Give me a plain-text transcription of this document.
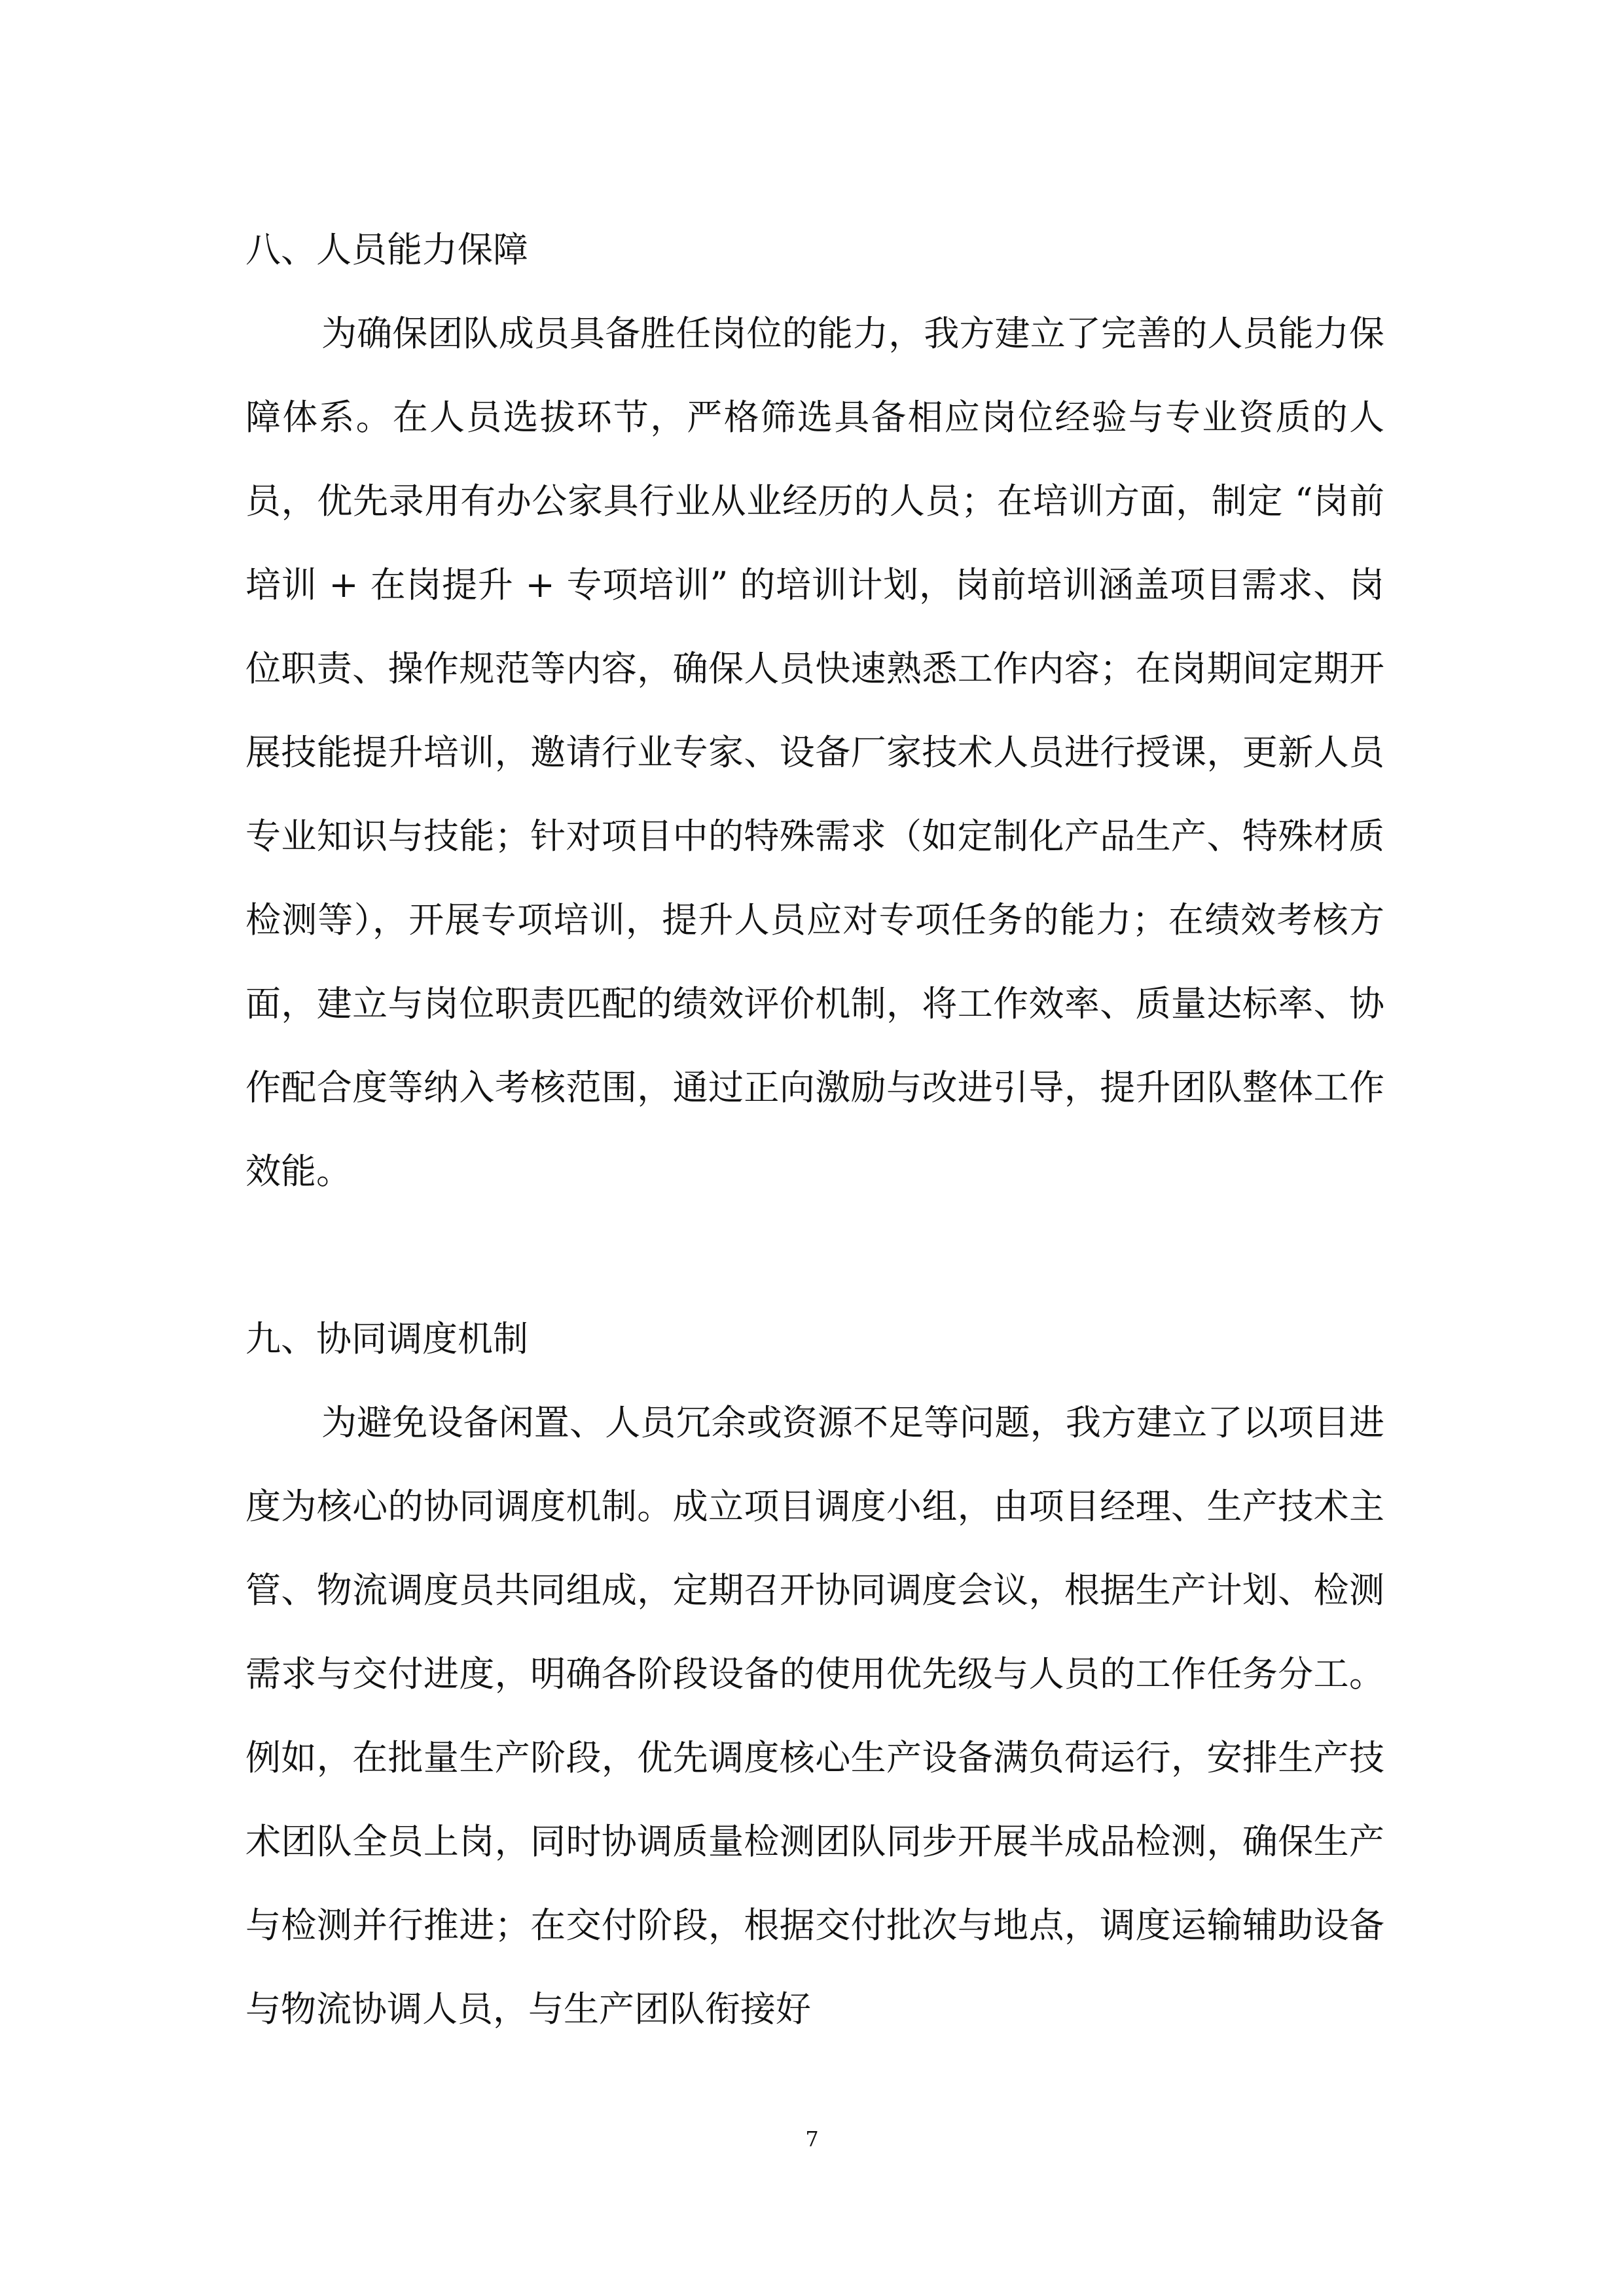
八、人员能力保障

为确保团队成员具备胜任岗位的能力，我方建立了完善的人员能力保障体系。在人员选拔环节，严格筛选具备相应岗位经验与专业资质的人员，优先录用有办公家具行业从业经历的人员；在培训方面，制定 “岗前培训 + 在岗提升 + 专项培训” 的培训计划，岗前培训涵盖项目需求、岗位职责、操作规范等内容，确保人员快速熟悉工作内容；在岗期间定期开展技能提升培训，邀请行业专家、设备厂家技术人员进行授课，更新人员专业知识与技能；针对项目中的特殊需求（如定制化产品生产、特殊材质检测等），开展专项培训，提升人员应对专项任务的能力；在绩效考核方面，建立与岗位职责匹配的绩效评价机制，将工作效率、质量达标率、协作配合度等纳入考核范围，通过正向激励与改进引导，提升团队整体工作效能。

九、协同调度机制

为避免设备闲置、人员冗余或资源不足等问题，我方建立了以项目进度为核心的协同调度机制。成立项目调度小组，由项目经理、生产技术主管、物流调度员共同组成，定期召开协同调度会议，根据生产计划、检测需求与交付进度，明确各阶段设备的使用优先级与人员的工作任务分工。例如，在批量生产阶段，优先调度核心生产设备满负荷运行，安排生产技术团队全员上岗，同时协调质量检测团队同步开展半成品检测，确保生产与检测并行推进；在交付阶段，根据交付批次与地点，调度运输辅助设备与物流协调人员，与生产团队衔接好

7
